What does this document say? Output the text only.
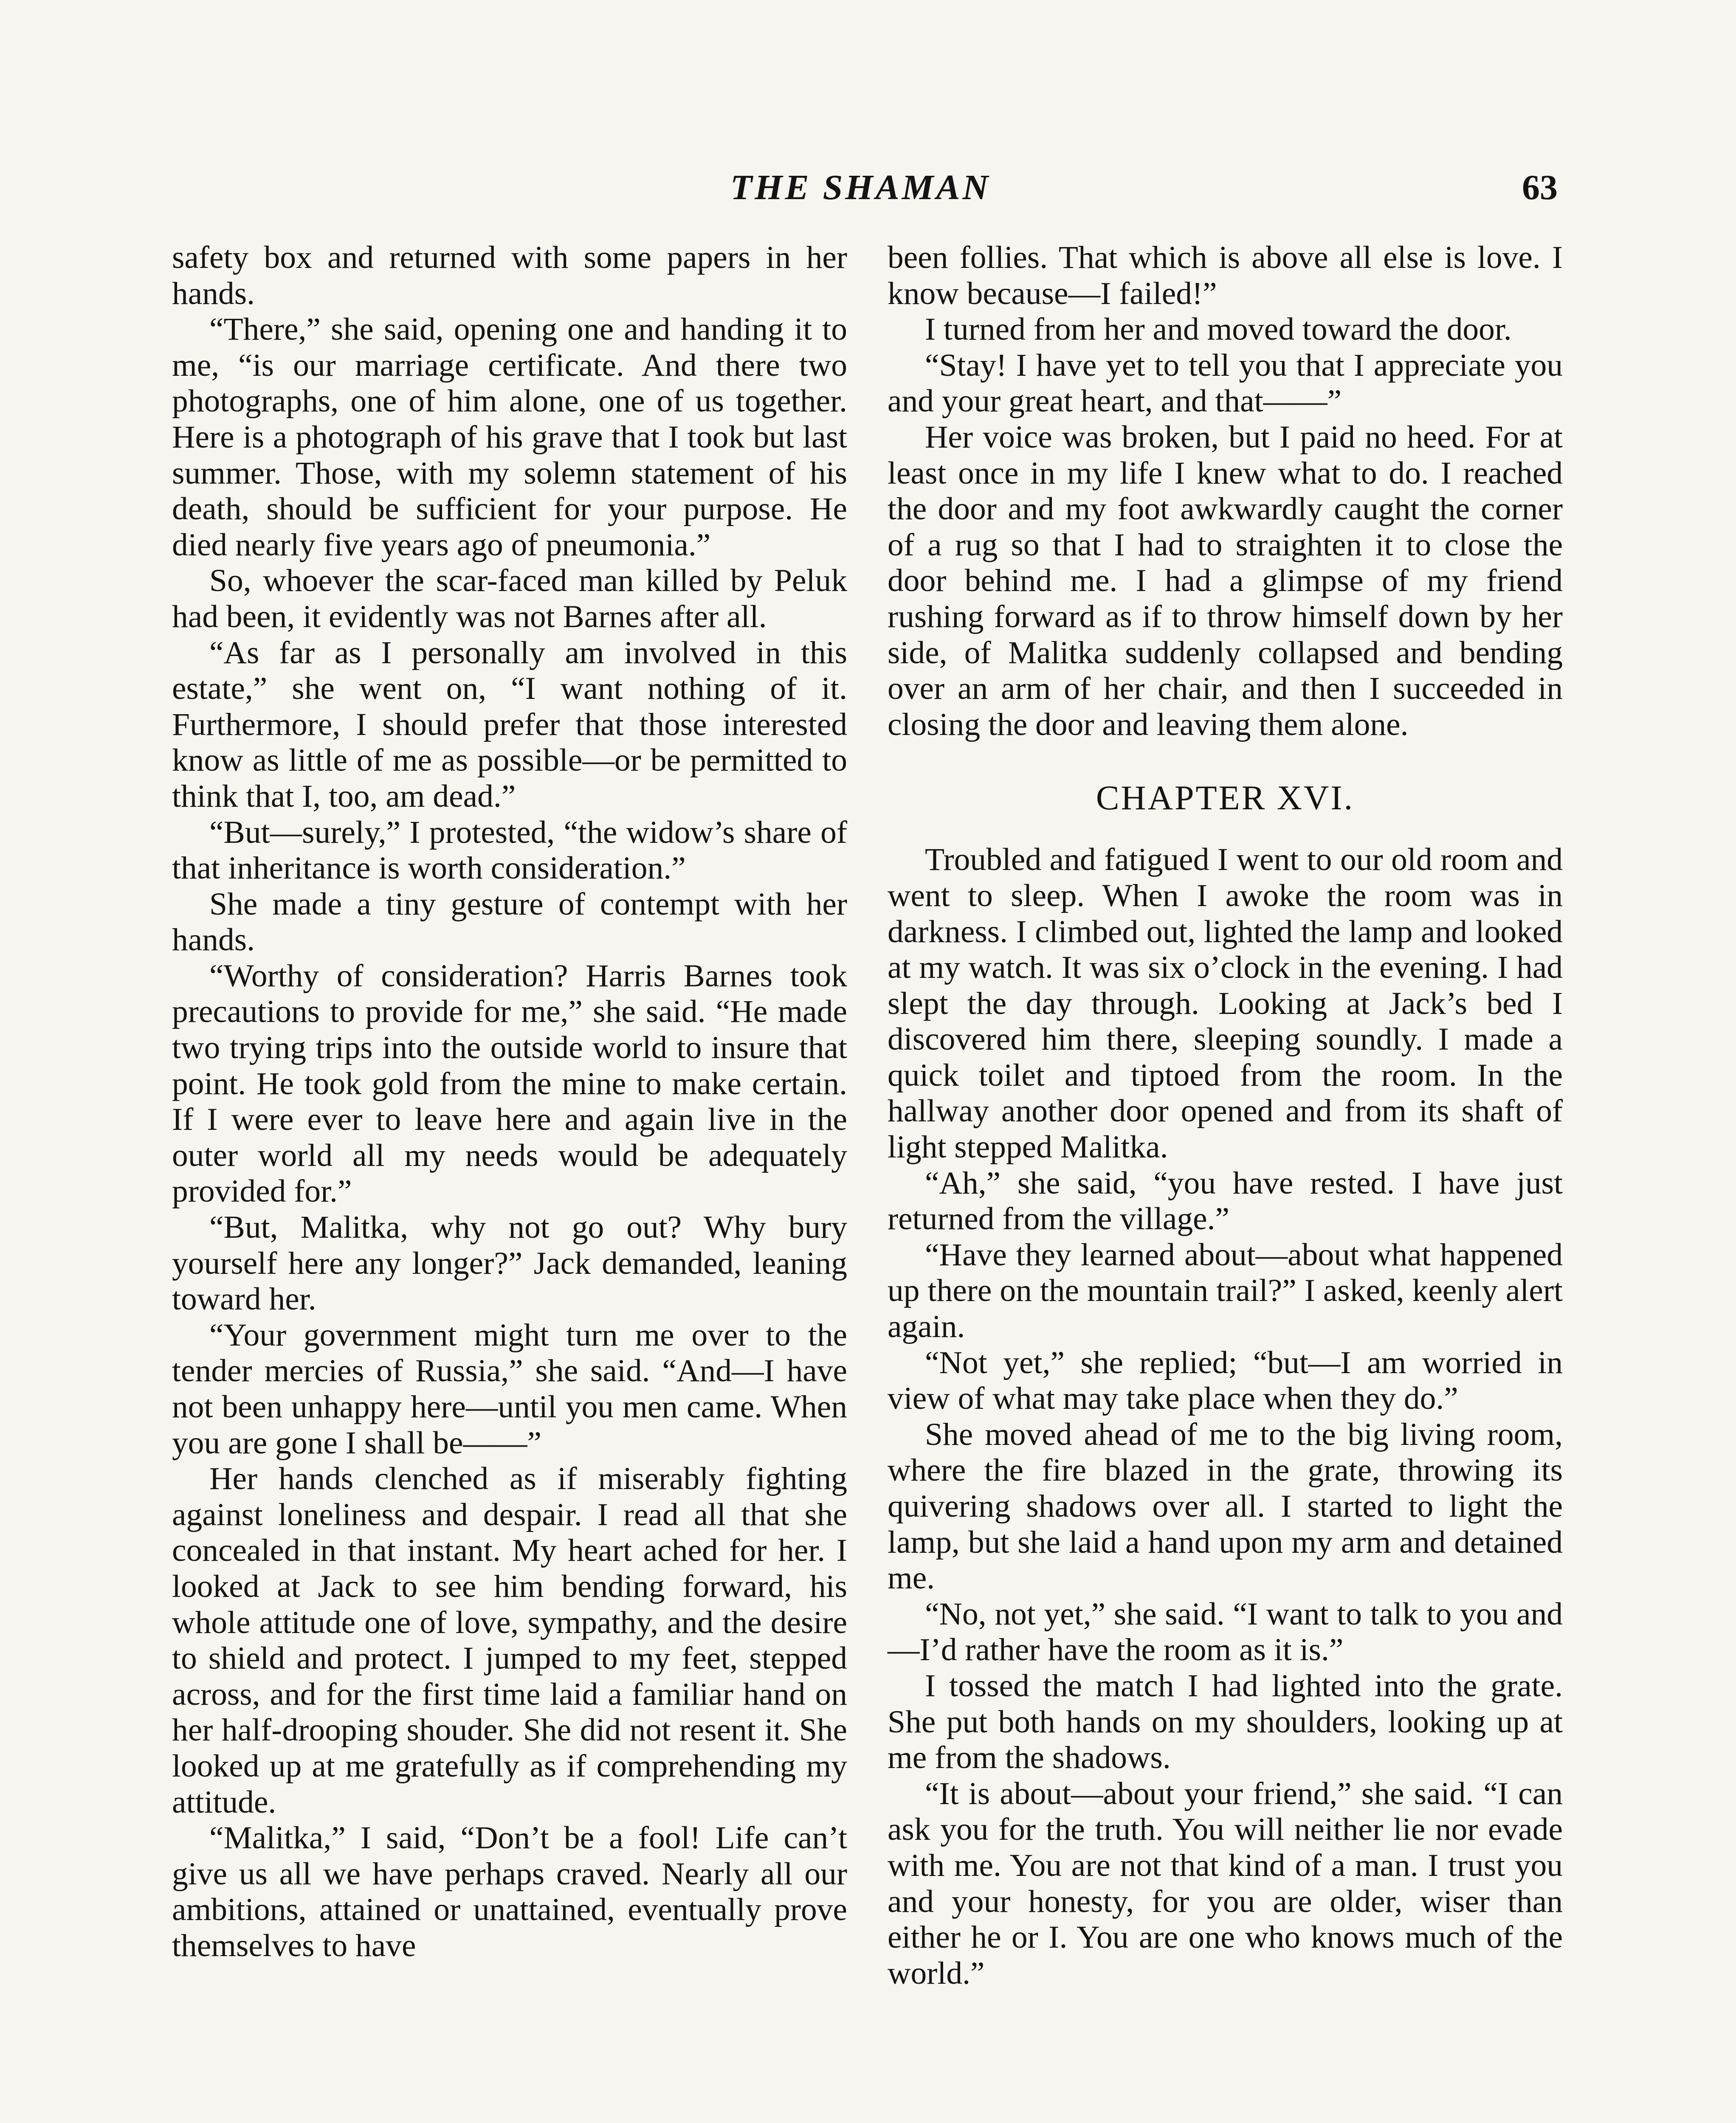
THE SHAMAN	63

safety box and returned with some papers in her hands.

“There,” she said, opening one and handing it to me, “is our marriage certificate. And there two photographs, one of him alone, one of us together. Here is a photograph of his grave that I took but last summer. Those, with my solemn statement of his death, should be sufficient for your purpose. He died nearly five years ago of pneumonia.”

So, whoever the scar-faced man killed by Peluk had been, it evidently was not Barnes after all.

“As far as I personally am involved in this estate,” she went on, “I want nothing of it. Furthermore, I should prefer that those interested know as little of me as possible—or be permitted to think that I, too, am dead.”

“But—surely,” I protested, “the widow’s share of that inheritance is worth consideration.”

She made a tiny gesture of contempt with her hands.

“Worthy of consideration? Harris Barnes took precautions to provide for me,” she said. “He made two trying trips into the outside world to insure that point. He took gold from the mine to make certain. If I were ever to leave here and again live in the outer world all my needs would be adequately provided for.”

“But, Malitka, why not go out? Why bury yourself here any longer?” Jack demanded, leaning toward her.

“Your government might turn me over to the tender mercies of Russia,” she said. “And—I have not been unhappy here—until you men came. When you are gone I shall be——”

Her hands clenched as if miserably fighting against loneliness and despair. I read all that she concealed in that instant. My heart ached for her. I looked at Jack to see him bending forward, his whole attitude one of love, sympathy, and the desire to shield and protect. I jumped to my feet, stepped across, and for the first time laid a familiar hand on her half-drooping shouder. She did not resent it. She looked up at me gratefully as if comprehending my attitude.

“Malitka,” I said, “Don’t be a fool! Life can’t give us all we have perhaps craved. Nearly all our ambitions, attained or unattained, eventually prove themselves to have

been follies. That which is above all else is love. I know because—I failed!”

I turned from her and moved toward the door.

“Stay! I have yet to tell you that I appreciate you and your great heart, and that——”

Her voice was broken, but I paid no heed. For at least once in my life I knew what to do. I reached the door and my foot awkwardly caught the corner of a rug so that I had to straighten it to close the door behind me. I had a glimpse of my friend rushing forward as if to throw himself down by her side, of Malitka suddenly collapsed and bending over an arm of her chair, and then I succeeded in closing the door and leaving them alone.

CHAPTER XVI.

Troubled and fatigued I went to our old room and went to sleep. When I awoke the room was in darkness. I climbed out, lighted the lamp and looked at my watch. It was six o’clock in the evening. I had slept the day through. Looking at Jack’s bed I discovered him there, sleeping soundly. I made a quick toilet and tiptoed from the room. In the hallway another door opened and from its shaft of light stepped Malitka.

“Ah,” she said, “you have rested. I have just returned from the village.”

“Have they learned about—about what happened up there on the mountain trail?” I asked, keenly alert again.

“Not yet,” she replied; “but—I am worried in view of what may take place when they do.”

She moved ahead of me to the big living room, where the fire blazed in the grate, throwing its quivering shadows over all. I started to light the lamp, but she laid a hand upon my arm and detained me.

“No, not yet,” she said. “I want to talk to you and—I’d rather have the room as it is.”

I tossed the match I had lighted into the grate. She put both hands on my shoulders, looking up at me from the shadows.

“It is about—about your friend,” she said. “I can ask you for the truth. You will neither lie nor evade with me. You are not that kind of a man. I trust you and your honesty, for you are older, wiser than either he or I. You are one who knows much of the world.”
